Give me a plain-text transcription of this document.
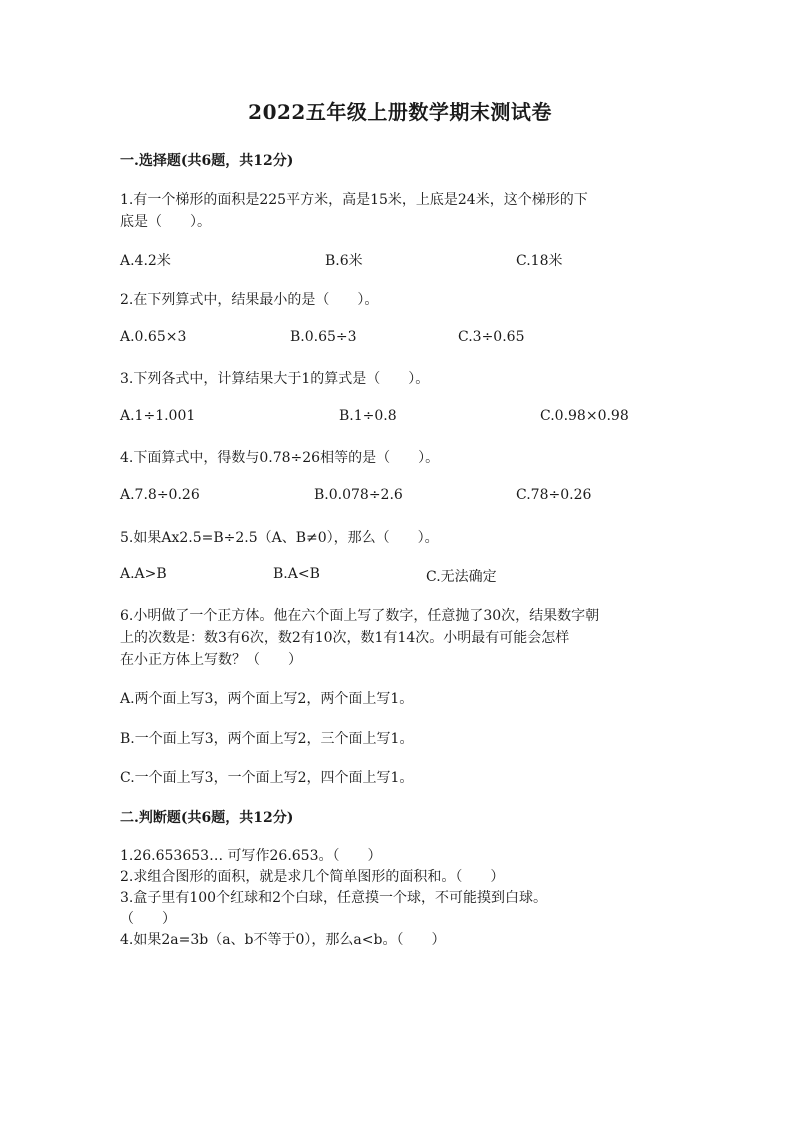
2022五年级上册数学期末测试卷
一.选择题(共6题，共12分)
1.有一个梯形的面积是225平方米，高是15米，上底是24米，这个梯形的下
底是（　　）。
A.4.2米	B.6米	C.18米
2.在下列算式中，结果最小的是（　　）。
A.0.65×3	B.0.65÷3	C.3÷0.65
3.下列各式中，计算结果大于1的算式是（　　）。
A.1÷1.001	B.1÷0.8	C.0.98×0.98
4.下面算式中，得数与0.78÷26相等的是（　　）。
A.7.8÷0.26	B.0.078÷2.6	C.78÷0.26
5.如果Ax2.5=B÷2.5（A、B≠0），那么（　　）。
A.A>B	B.A<B	C.无法确定
6.小明做了一个正方体。他在六个面上写了数字，任意抛了30次，结果数字朝
上的次数是：数3有6次，数2有10次，数1有14次。小明最有可能会怎样
在小正方体上写数？（　　）
A.两个面上写3，两个面上写2，两个面上写1。
B.一个面上写3，两个面上写2，三个面上写1。
C.一个面上写3，一个面上写2，四个面上写1。
二.判断题(共6题，共12分)
1.26.653653… 可写作26.653。（　　）
2.求组合图形的面积，就是求几个简单图形的面积和。（　　）
3.盒子里有100个红球和2个白球，任意摸一个球，不可能摸到白球。
（　　）
4.如果2a=3b（a、b不等于0），那么a<b。（　　）
